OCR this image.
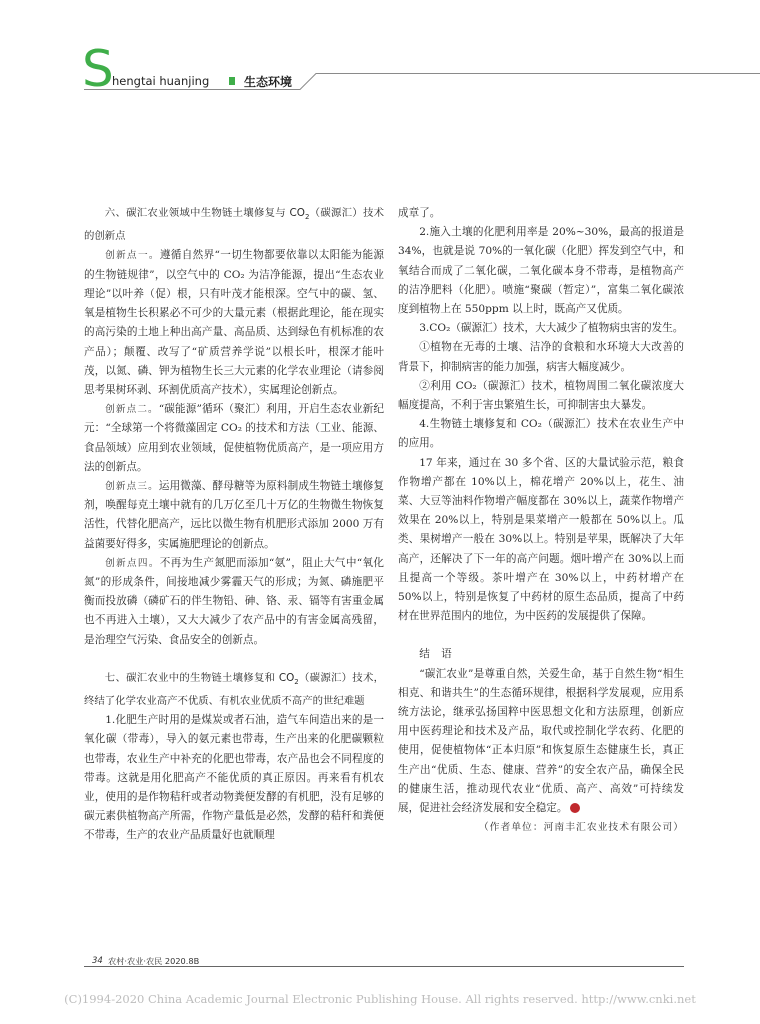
S
hengtai huanjing	生态环境

六、碳汇农业领域中生物链土壤修复与 $CO_2$（碳源汇）技术的创新点

创新点一。遵循自然界“一切生物都要依靠以太阳能为能源的生物链规律”，以空气中的 CO₂ 为洁净能源，提出“生态农业理论”以叶养（促）根，只有叶茂才能根深。空气中的碳、氢、氧是植物生长积累必不可少的大量元素（根据此理论，能在现实的高污染的土地上种出高产量、高品质、达到绿色有机标准的农产品）；颠覆、改写了“矿质营养学说”以根长叶，根深才能叶茂，以氮、磷、钾为植物生长三大元素的化学农业理论（请参阅思考果树环剥、环割优质高产技术），实属理论创新点。

创新点二。“碳能源”循环（聚汇）利用，开启生态农业新纪元：“全球第一个将微藻固定 CO₂ 的技术和方法（工业、能源、食品领域）应用到农业领域，促使植物优质高产，是一项应用方法的创新点。

创新点三。运用微藻、酵母糖等为原料制成生物链土壤修复剂，唤醒每克土壤中就有的几万亿至几十万亿的生物微生物恢复活性，代替化肥高产，远比以微生物有机肥形式添加 2000 万有益菌要好得多，实属施肥理论的创新点。

创新点四。不再为生产氮肥而添加“氨”，阻止大气中“氧化氮”的形成条件，间接地减少雾霾天气的形成；为氮、磷施肥平衡而投放磷（磷矿石的伴生物铅、砷、铬、汞、镉等有害重金属也不再进入土壤），又大大减少了农产品中的有害金属高残留，是治理空气污染、食品安全的创新点。

七、碳汇农业中的生物链土壤修复和 $CO_2$（碳源汇）技术，终结了化学农业高产不优质、有机农业优质不高产的世纪难题

1.化肥生产时用的是煤炭或者石油，造气车间造出来的是一氧化碳（带毒），导入的氨元素也带毒，生产出来的化肥碳颗粒也带毒，农业生产中补充的化肥也带毒，农产品也会不同程度的带毒。这就是用化肥高产不能优质的真正原因。再来看有机农业，使用的是作物秸秆或者动物粪便发酵的有机肥，没有足够的碳元素供植物高产所需，作物产量低是必然，发酵的秸秆和粪便不带毒，生产的农业产品质量好也就顺理

成章了。

2.施入土壤的化肥利用率是 20%~30%，最高的报道是 34%，也就是说 70%的一氧化碳（化肥）挥发到空气中，和氧结合而成了二氧化碳，二氧化碳本身不带毒，是植物高产的洁净肥料（化肥）。喷施“聚碳（暂定）”，富集二氧化碳浓度到植物上在 550ppm 以上时，既高产又优质。

3.CO₂（碳源汇）技术，大大减少了植物病虫害的发生。

①植物在无毒的土壤、洁净的食粮和水环境大大改善的背景下，抑制病害的能力加强，病害大幅度减少。

②利用 CO₂（碳源汇）技术，植物周围二氧化碳浓度大幅度提高，不利于害虫繁殖生长，可抑制害虫大暴发。

4.生物链土壤修复和 CO₂（碳源汇）技术在农业生产中的应用。

17 年来，通过在 30 多个省、区的大量试验示范，粮食作物增产都在 10%以上，棉花增产 20%以上，花生、油菜、大豆等油料作物增产幅度都在 30%以上，蔬菜作物增产效果在 20%以上，特别是果菜增产一般都在 50%以上。瓜类、果树增产一般在 30%以上。特别是苹果，既解决了大年高产，还解决了下一年的高产问题。烟叶增产在 30%以上而且提高一个等级。茶叶增产在 30%以上，中药材增产在 50%以上，特别是恢复了中药材的原生态品质，提高了中药材在世界范围内的地位，为中医药的发展提供了保障。

结 语

“碳汇农业”是尊重自然，关爱生命，基于自然生物“相生相克、和谐共生”的生态循环规律，根据科学发展观，应用系统方法论，继承弘扬国粹中医思想文化和方法原理，创新应用中医药理论和技术及产品，取代或控制化学农药、化肥的使用，促使植物体“正本归原”和恢复原生态健康生长，真正生产出“优质、生态、健康、营养”的安全农产品，确保全民的健康生活，推动现代农业“优质、高产、高效”可持续发展，促进社会经济发展和安全稳定。

（作者单位：河南丰汇农业技术有限公司）

34 农村·农业·农民 2020.8B
(C)1994-2020 China Academic Journal Electronic Publishing House. All rights reserved. http://www.cnki.net
